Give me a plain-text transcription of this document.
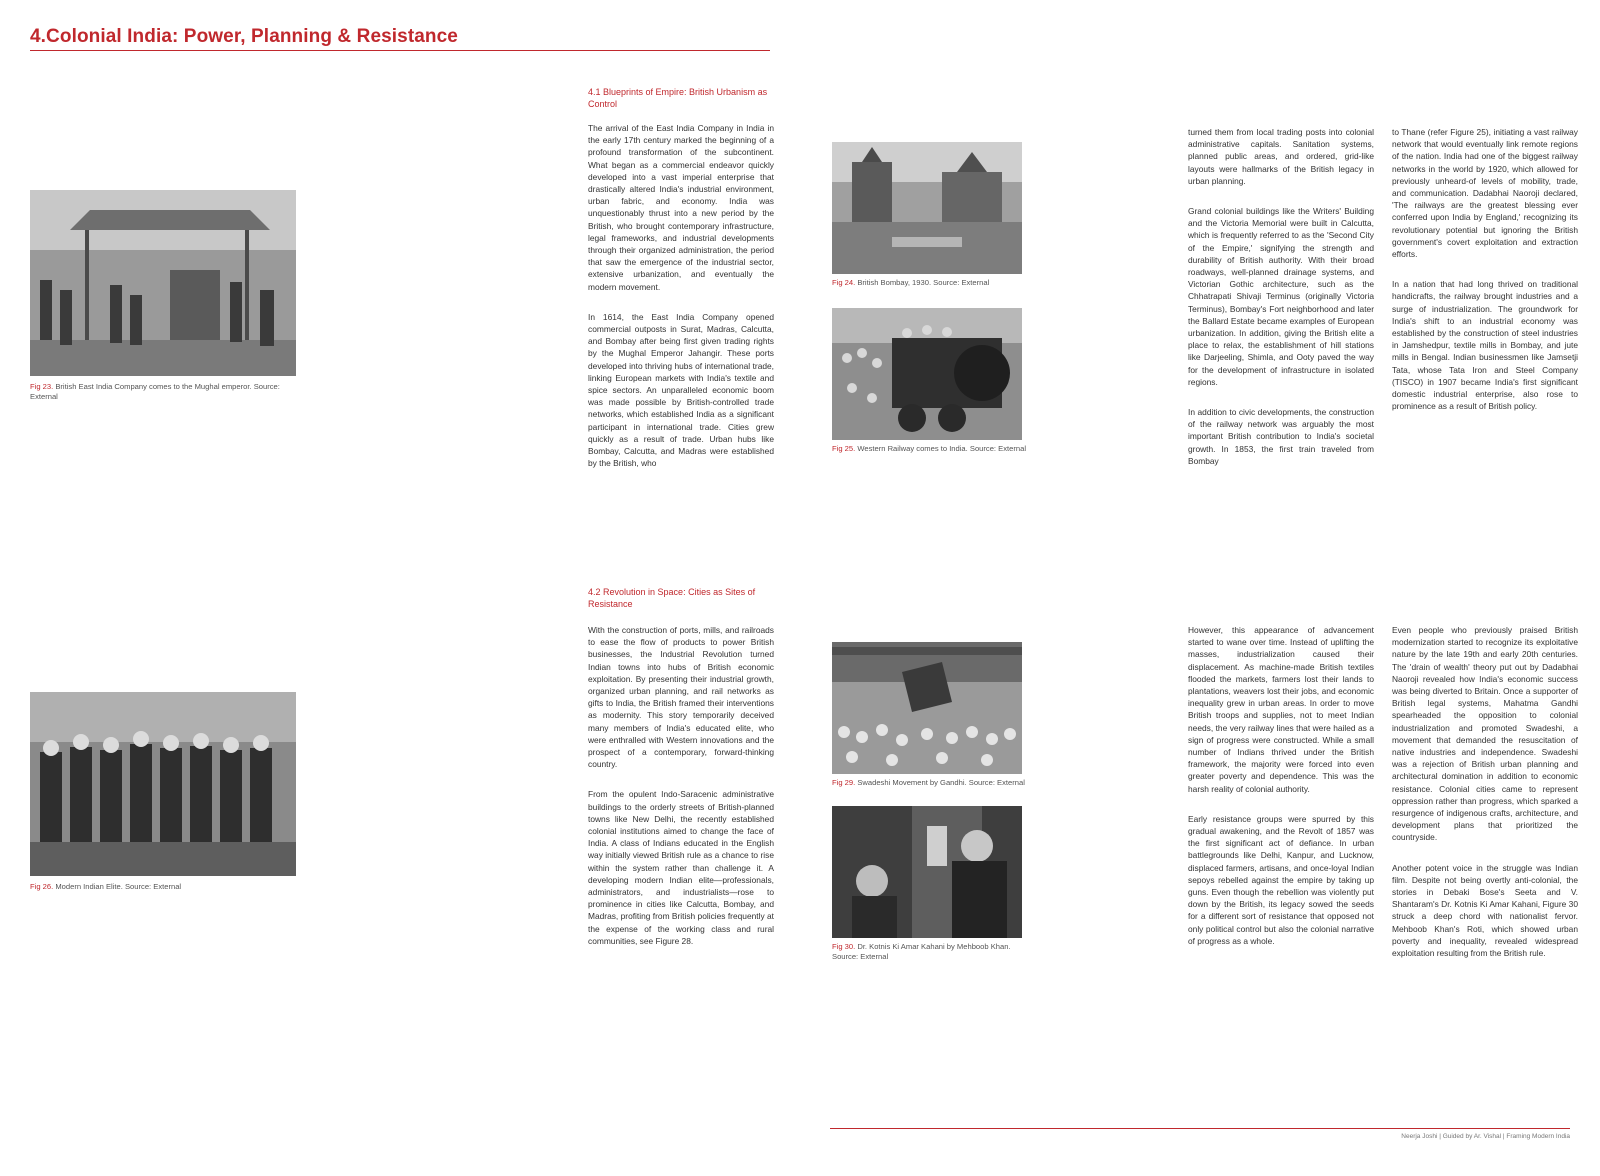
4.Colonial India: Power, Planning & Resistance
Fig 23. British East India Company comes to the Mughal emperor. Source: External
Fig 26. Modern Indian Elite. Source: External
4.1 Blueprints of Empire: British Urbanism as Control

The arrival of the East India Company in India in the early 17th century marked the beginning of a profound transformation of the subcontinent. What began as a commercial endeavor quickly developed into a vast imperial enterprise that drastically altered India's industrial environment, urban fabric, and economy. India was unquestionably thrust into a new period by the British, who brought contemporary infrastructure, legal frameworks, and industrial developments through their organized administration, the period that saw the emergence of the industrial sector, extensive urbanization, and eventually the modern movement.

In 1614, the East India Company opened commercial outposts in Surat, Madras, Calcutta, and Bombay after being first given trading rights by the Mughal Emperor Jahangir. These ports developed into thriving hubs of international trade, linking European markets with India's textile and spice sectors. An unparalleled economic boom was made possible by British-controlled trade networks, which established India as a significant participant in international trade. Cities grew quickly as a result of trade. Urban hubs like Bombay, Calcutta, and Madras were established by the British, who

4.2 Revolution in Space: Cities as Sites of Resistance

With the construction of ports, mills, and railroads to ease the flow of products to power British businesses, the Industrial Revolution turned Indian towns into hubs of British economic exploitation. By presenting their industrial growth, organized urban planning, and rail networks as gifts to India, the British framed their interventions as modernity. This story temporarily deceived many members of India's educated elite, who were enthralled with Western innovations and the prospect of a contemporary, forward-thinking country.

From the opulent Indo-Saracenic administrative buildings to the orderly streets of British-planned towns like New Delhi, the recently established colonial institutions aimed to change the face of India. A class of Indians educated in the English way initially viewed British rule as a chance to rise within the system rather than challenge it. A developing modern Indian elite—professionals, administrators, and industrialists—rose to prominence in cities like Calcutta, Bombay, and Madras, profiting from British policies frequently at the expense of the working class and rural communities, see Figure 28.

Fig 24. British Bombay, 1930. Source: External
Fig 25. Western Railway comes to India. Source: External
Fig 29. Swadeshi Movement by Gandhi. Source: External
Fig 30. Dr. Kotnis Ki Amar Kahani by Mehboob Khan. Source: External

turned them from local trading posts into colonial administrative capitals. Sanitation systems, planned public areas, and ordered, grid-like layouts were hallmarks of the British legacy in urban planning.

Grand colonial buildings like the Writers' Building and the Victoria Memorial were built in Calcutta, which is frequently referred to as the 'Second City of the Empire,' signifying the strength and durability of British authority. With their broad roadways, well-planned drainage systems, and Victorian Gothic architecture, such as the Chhatrapati Shivaji Terminus (originally Victoria Terminus), Bombay's Fort neighborhood and later the Ballard Estate became examples of European urbanization. In addition, giving the British elite a place to relax, the establishment of hill stations like Darjeeling, Shimla, and Ooty paved the way for the development of infrastructure in isolated regions.

In addition to civic developments, the construction of the railway network was arguably the most important British contribution to India's societal growth. In 1853, the first train traveled from Bombay

to Thane (refer Figure 25), initiating a vast railway network that would eventually link remote regions of the nation. India had one of the biggest railway networks in the world by 1920, which allowed for previously unheard-of levels of mobility, trade, and communication. Dadabhai Naoroji declared, 'The railways are the greatest blessing ever conferred upon India by England,' recognizing its revolutionary potential but ignoring the British government's covert exploitation and extraction efforts.

In a nation that had long thrived on traditional handicrafts, the railway brought industries and a surge of industrialization. The groundwork for India's shift to an industrial economy was established by the construction of steel industries in Jamshedpur, textile mills in Bombay, and jute mills in Bengal. Indian businessmen like Jamsetji Tata, whose Tata Iron and Steel Company (TISCO) in 1907 became India's first significant domestic industrial enterprise, also rose to prominence as a result of British policy.

However, this appearance of advancement started to wane over time. Instead of uplifting the masses, industrialization caused their displacement. As machine-made British textiles flooded the markets, farmers lost their lands to plantations, weavers lost their jobs, and economic inequality grew in urban areas. In order to move British troops and supplies, not to meet Indian needs, the very railway lines that were hailed as a sign of progress were constructed. While a small number of Indians thrived under the British framework, the majority were forced into even greater poverty and dependence. This was the harsh reality of colonial authority.

Early resistance groups were spurred by this gradual awakening, and the Revolt of 1857 was the first significant act of defiance. In urban battlegrounds like Delhi, Kanpur, and Lucknow, displaced farmers, artisans, and once-loyal Indian sepoys rebelled against the empire by taking up guns. Even though the rebellion was violently put down by the British, its legacy sowed the seeds for a different sort of resistance that opposed not only political control but also the colonial narrative of progress as a whole.

Even people who previously praised British modernization started to recognize its exploitative nature by the late 19th and early 20th centuries. The 'drain of wealth' theory put out by Dadabhai Naoroji revealed how India's economic success was being diverted to Britain. Once a supporter of British legal systems, Mahatma Gandhi spearheaded the opposition to colonial industrialization and promoted Swadeshi, a movement that demanded the resuscitation of native industries and independence. Swadeshi was a rejection of British urban planning and architectural domination in addition to economic resistance. Colonial cities came to represent oppression rather than progress, which sparked a resurgence of indigenous crafts, architecture, and development plans that prioritized the countryside.

Another potent voice in the struggle was Indian film. Despite not being overtly anti-colonial, the stories in Debaki Bose's Seeta and V. Shantaram's Dr. Kotnis Ki Amar Kahani, Figure 30 struck a deep chord with nationalist fervor. Mehboob Khan's Roti, which showed urban poverty and inequality, revealed widespread exploitation resulting from the British rule.

Neerja Joshi | Guided by Ar. Vishal | Framing Modern India
